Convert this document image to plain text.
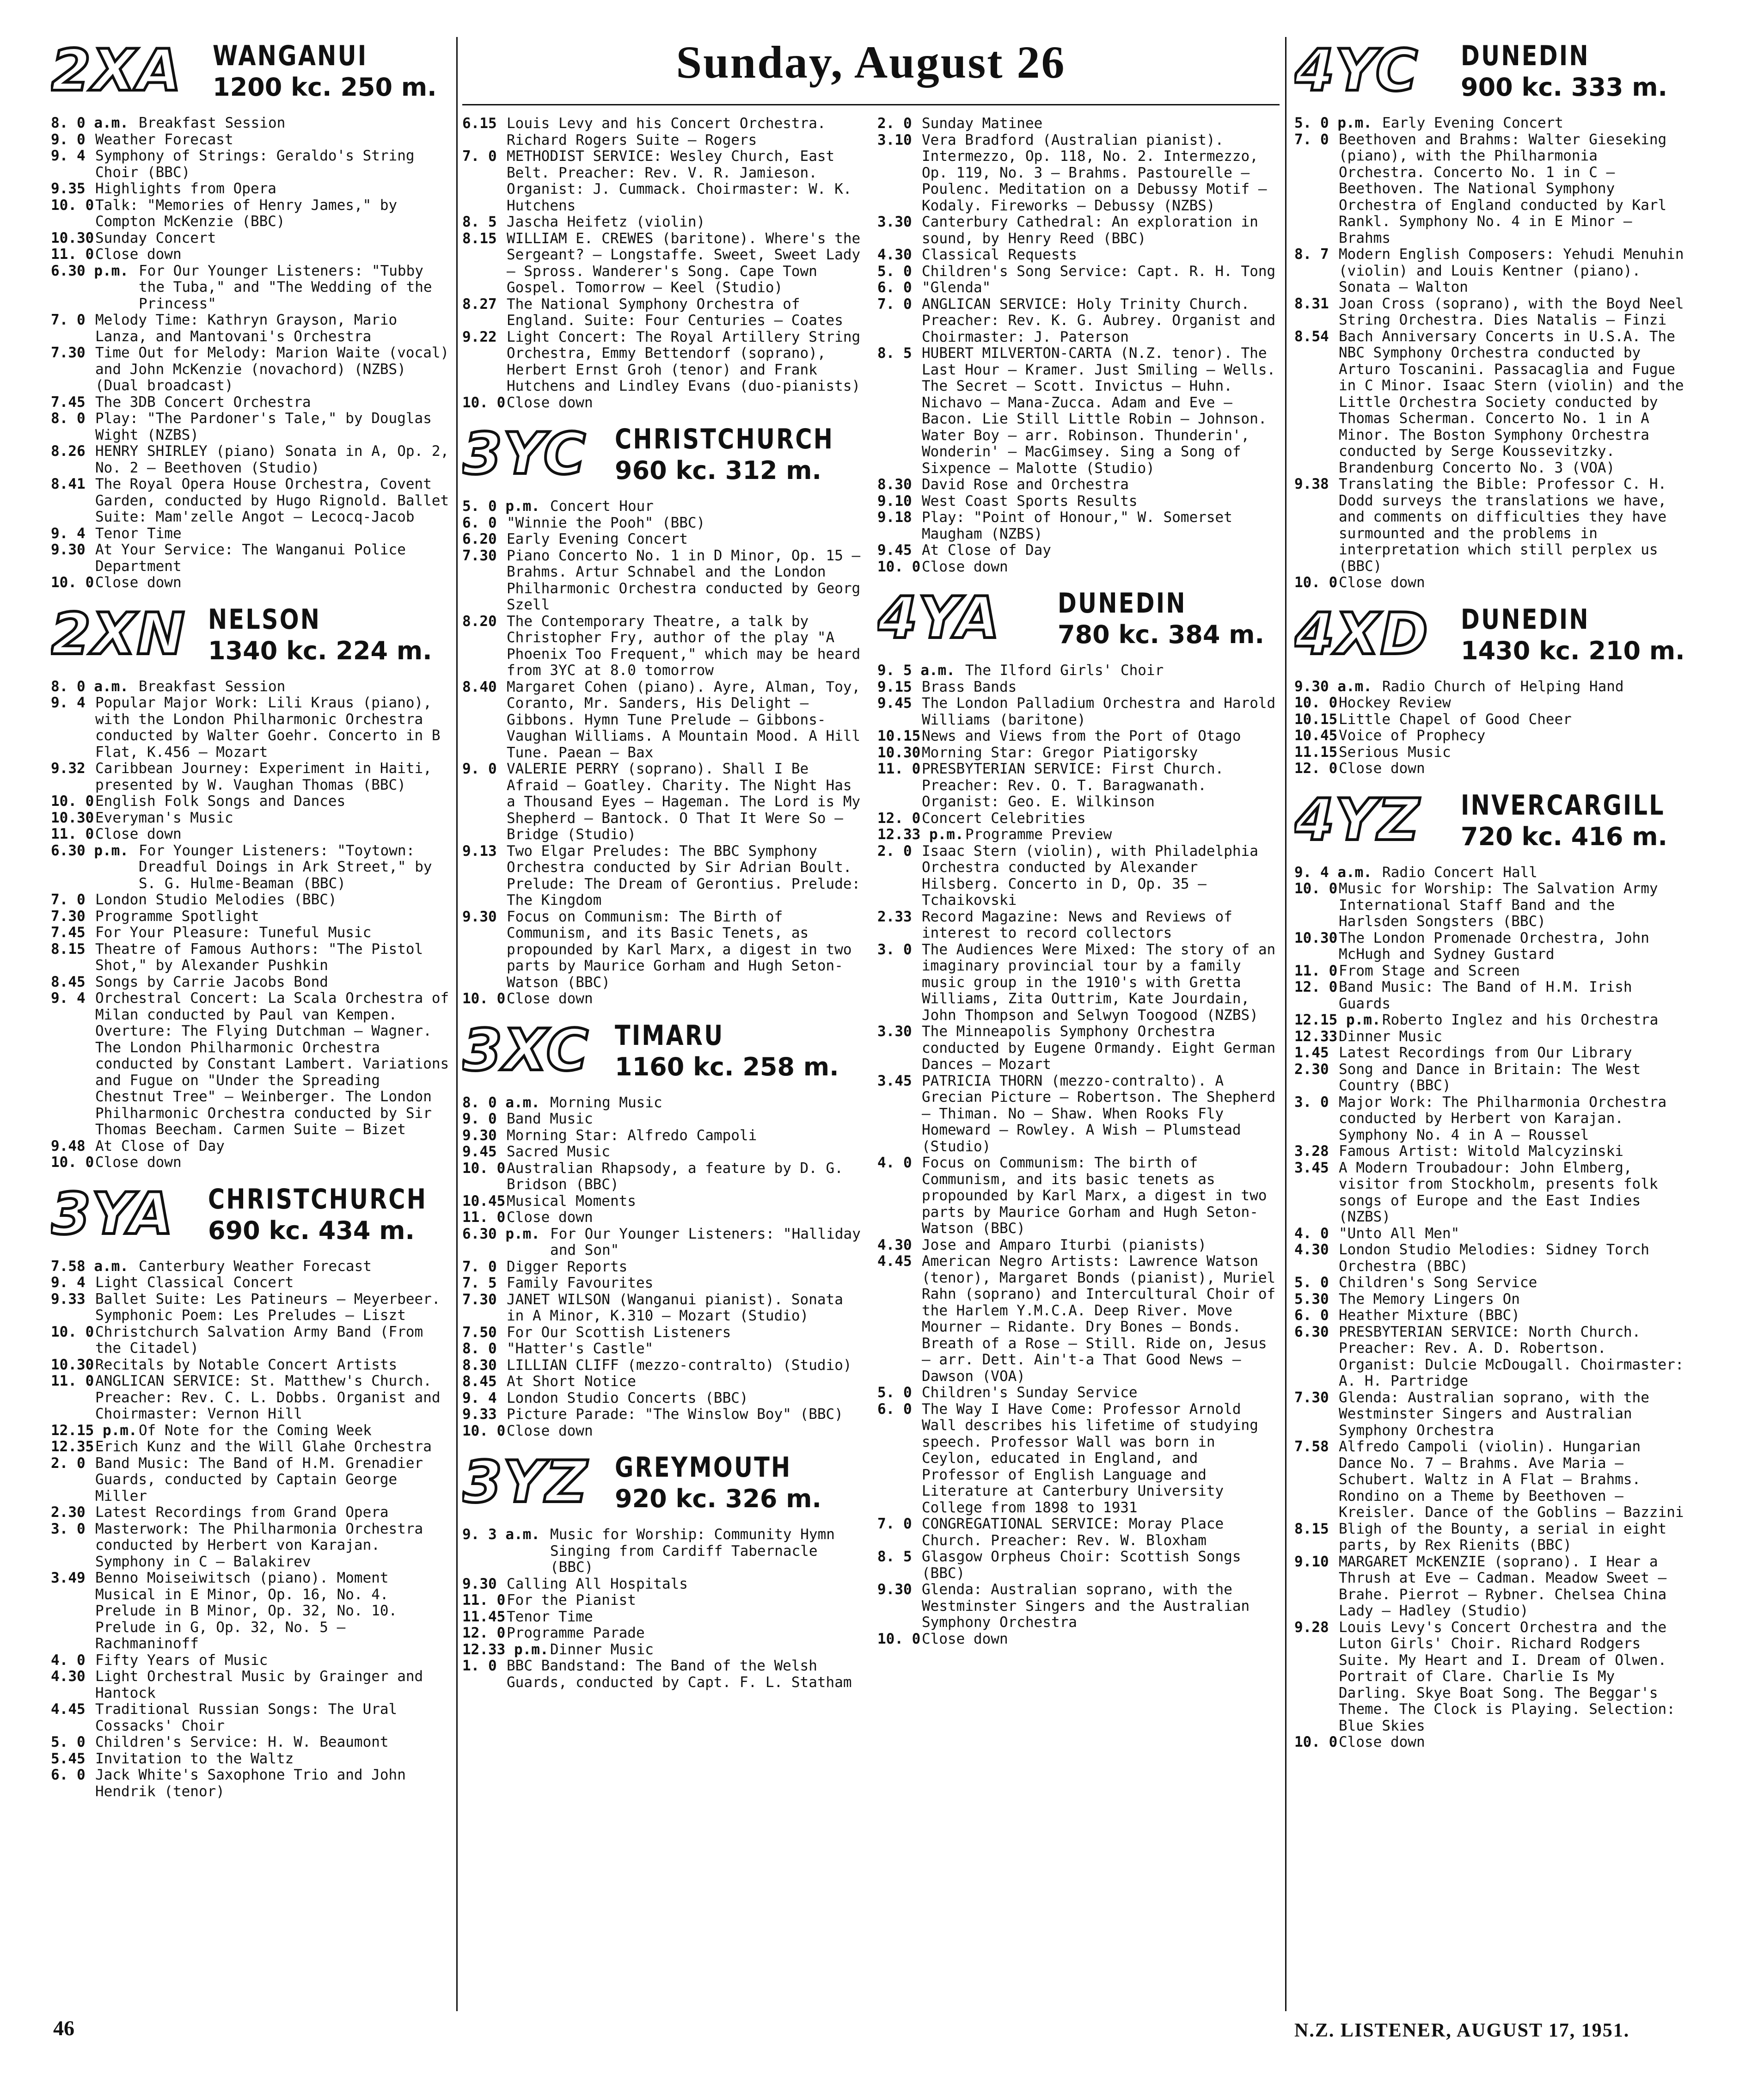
Sunday, August 26
2XA WANGANUI
1200 kc. 250 m.
8. 0 a.m. Breakfast Session
9. 0 Weather Forecast
9. 4 Symphony of Strings: Geraldo's String Choir (BBC)
9.35 Highlights from Opera
10. 0 Talk: "Memories of Henry James," by Compton McKenzie (BBC)
10.30 Sunday Concert
11. 0 Close down
6.30 p.m. For Our Younger Listeners: "Tubby the Tuba," and "The Wedding of the Princess"
7. 0 Melody Time: Kathryn Grayson, Mario Lanza, and Mantovani's Orchestra
7.30 Time Out for Melody: Marion Waite (vocal) and John McKenzie (novachord) (NZBS) (Dual broadcast)
7.45 The 3DB Concert Orchestra
8. 0 Play: "The Pardoner's Tale," by Douglas Wight (NZBS)
8.26 HENRY SHIRLEY (piano) Sonata in A, Op. 2, No. 2 — Beethoven (Studio)
8.41 The Royal Opera House Orchestra, Covent Garden, conducted by Hugo Rignold. Ballet Suite: Mam'zelle Angot — Lecocq-Jacob
9. 4 Tenor Time
9.30 At Your Service: The Wanganui Police Department
10. 0 Close down
2XN NELSON
1340 kc. 224 m.
8. 0 a.m. Breakfast Session
9. 4 Popular Major Work: Lili Kraus (piano), with the London Philharmonic Orchestra conducted by Walter Goehr. Concerto in B Flat, K.456 — Mozart
9.32 Caribbean Journey: Experiment in Haiti, presented by W. Vaughan Thomas (BBC)
10. 0 English Folk Songs and Dances
10.30 Everyman's Music
11. 0 Close down
6.30 p.m. For Younger Listeners: "Toytown: Dreadful Doings in Ark Street," by S. G. Hulme-Beaman (BBC)
7. 0 London Studio Melodies (BBC)
7.30 Programme Spotlight
7.45 For Your Pleasure: Tuneful Music
8.15 Theatre of Famous Authors: "The Pistol Shot," by Alexander Pushkin
8.45 Songs by Carrie Jacobs Bond
9. 4 Orchestral Concert: La Scala Orchestra of Milan conducted by Paul van Kempen. Overture: The Flying Dutchman — Wagner. The London Philharmonic Orchestra conducted by Constant Lambert. Variations and Fugue on "Under the Spreading Chestnut Tree" — Weinberger. The London Philharmonic Orchestra conducted by Sir Thomas Beecham. Carmen Suite — Bizet
9.48 At Close of Day
10. 0 Close down
3YA CHRISTCHURCH
690 kc. 434 m.
7.58 a.m. Canterbury Weather Forecast
9. 4 Light Classical Concert
9.33 Ballet Suite: Les Patineurs — Meyerbeer. Symphonic Poem: Les Preludes — Liszt
10. 0 Christchurch Salvation Army Band (From the Citadel)
10.30 Recitals by Notable Concert Artists
11. 0 ANGLICAN SERVICE: St. Matthew's Church. Preacher: Rev. C. L. Dobbs. Organist and Choirmaster: Vernon Hill
12.15 p.m. Of Note for the Coming Week
12.35 Erich Kunz and the Will Glahe Orchestra
2. 0 Band Music: The Band of H.M. Grenadier Guards, conducted by Captain George Miller
2.30 Latest Recordings from Grand Opera
3. 0 Masterwork: The Philharmonia Orchestra conducted by Herbert von Karajan. Symphony in C — Balakirev
3.49 Benno Moiseiwitsch (piano). Moment Musical in E Minor, Op. 16, No. 4. Prelude in B Minor, Op. 32, No. 10. Prelude in G, Op. 32, No. 5 — Rachmaninoff
4. 0 Fifty Years of Music
4.30 Light Orchestral Music by Grainger and Hantock
4.45 Traditional Russian Songs: The Ural Cossacks' Choir
5. 0 Children's Service: H. W. Beaumont
5.45 Invitation to the Waltz
6. 0 Jack White's Saxophone Trio and John Hendrik (tenor)
6.15 Louis Levy and his Concert Orchestra. Richard Rogers Suite — Rogers
7. 0 METHODIST SERVICE: Wesley Church, East Belt. Preacher: Rev. V. R. Jamieson. Organist: J. Cummack. Choirmaster: W. K. Hutchens
8. 5 Jascha Heifetz (violin)
8.15 WILLIAM E. CREWES (baritone). Where's the Sergeant? — Longstaffe. Sweet, Sweet Lady — Spross. Wanderer's Song. Cape Town Gospel. Tomorrow — Keel (Studio)
8.27 The National Symphony Orchestra of England. Suite: Four Centuries — Coates
9.22 Light Concert: The Royal Artillery String Orchestra, Emmy Bettendorf (soprano), Herbert Ernst Groh (tenor) and Frank Hutchens and Lindley Evans (duo-pianists)
10. 0 Close down
3YC CHRISTCHURCH
960 kc. 312 m.
5. 0 p.m. Concert Hour
6. 0 "Winnie the Pooh" (BBC)
6.20 Early Evening Concert
7.30 Piano Concerto No. 1 in D Minor, Op. 15 — Brahms. Artur Schnabel and the London Philharmonic Orchestra conducted by Georg Szell
8.20 The Contemporary Theatre, a talk by Christopher Fry, author of the play "A Phoenix Too Frequent," which may be heard from 3YC at 8.0 tomorrow
8.40 Margaret Cohen (piano). Ayre, Alman, Toy, Coranto, Mr. Sanders, His Delight — Gibbons. Hymn Tune Prelude — Gibbons-Vaughan Williams. A Mountain Mood. A Hill Tune. Paean — Bax
9. 0 VALERIE PERRY (soprano). Shall I Be Afraid — Goatley. Charity. The Night Has a Thousand Eyes — Hageman. The Lord is My Shepherd — Bantock. O That It Were So — Bridge (Studio)
9.13 Two Elgar Preludes: The BBC Symphony Orchestra conducted by Sir Adrian Boult. Prelude: The Dream of Gerontius. Prelude: The Kingdom
9.30 Focus on Communism: The Birth of Communism, and its Basic Tenets, as propounded by Karl Marx, a digest in two parts by Maurice Gorham and Hugh Seton-Watson (BBC)
10. 0 Close down
3XC TIMARU
1160 kc. 258 m.
8. 0 a.m. Morning Music
9. 0 Band Music
9.30 Morning Star: Alfredo Campoli
9.45 Sacred Music
10. 0 Australian Rhapsody, a feature by D. G. Bridson (BBC)
10.45 Musical Moments
11. 0 Close down
6.30 p.m. For Our Younger Listeners: "Halliday and Son"
7. 0 Digger Reports
7. 5 Family Favourites
7.30 JANET WILSON (Wanganui pianist). Sonata in A Minor, K.310 — Mozart (Studio)
7.50 For Our Scottish Listeners
8. 0 "Hatter's Castle"
8.30 LILLIAN CLIFF (mezzo-contralto) (Studio)
8.45 At Short Notice
9. 4 London Studio Concerts (BBC)
9.33 Picture Parade: "The Winslow Boy" (BBC)
10. 0 Close down
3YZ GREYMOUTH
920 kc. 326 m.
9. 3 a.m. Music for Worship: Community Hymn Singing from Cardiff Tabernacle (BBC)
9.30 Calling All Hospitals
11. 0 For the Pianist
11.45 Tenor Time
12. 0 Programme Parade
12.33 p.m. Dinner Music
1. 0 BBC Bandstand: The Band of the Welsh Guards, conducted by Capt. F. L. Statham
2. 0 Sunday Matinee
3.10 Vera Bradford (Australian pianist). Intermezzo, Op. 118, No. 2. Intermezzo, Op. 119, No. 3 — Brahms. Pastourelle — Poulenc. Meditation on a Debussy Motif — Kodaly. Fireworks — Debussy (NZBS)
3.30 Canterbury Cathedral: An exploration in sound, by Henry Reed (BBC)
4.30 Classical Requests
5. 0 Children's Song Service: Capt. R. H. Tong
6. 0 "Glenda"
7. 0 ANGLICAN SERVICE: Holy Trinity Church. Preacher: Rev. K. G. Aubrey. Organist and Choirmaster: J. Paterson
8. 5 HUBERT MILVERTON-CARTA (N.Z. tenor). The Last Hour — Kramer. Just Smiling — Wells. The Secret — Scott. Invictus — Huhn. Nichavo — Mana-Zucca. Adam and Eve — Bacon. Lie Still Little Robin — Johnson. Water Boy — arr. Robinson. Thunderin', Wonderin' — MacGimsey. Sing a Song of Sixpence — Malotte (Studio)
8.30 David Rose and Orchestra
9.10 West Coast Sports Results
9.18 Play: "Point of Honour," W. Somerset Maugham (NZBS)
9.45 At Close of Day
10. 0 Close down
4YA DUNEDIN
780 kc. 384 m.
9. 5 a.m. The Ilford Girls' Choir
9.15 Brass Bands
9.45 The London Palladium Orchestra and Harold Williams (baritone)
10.15 News and Views from the Port of Otago
10.30 Morning Star: Gregor Piatigorsky
11. 0 PRESBYTERIAN SERVICE: First Church. Preacher: Rev. O. T. Baragwanath. Organist: Geo. E. Wilkinson
12. 0 Concert Celebrities
12.33 p.m. Programme Preview
2. 0 Isaac Stern (violin), with Philadelphia Orchestra conducted by Alexander Hilsberg. Concerto in D, Op. 35 — Tchaikovski
2.33 Record Magazine: News and Reviews of interest to record collectors
3. 0 The Audiences Were Mixed: The story of an imaginary provincial tour by a family music group in the 1910's with Gretta Williams, Zita Outtrim, Kate Jourdain, John Thompson and Selwyn Toogood (NZBS)
3.30 The Minneapolis Symphony Orchestra conducted by Eugene Ormandy. Eight German Dances — Mozart
3.45 PATRICIA THORN (mezzo-contralto). A Grecian Picture — Robertson. The Shepherd — Thiman. No — Shaw. When Rooks Fly Homeward — Rowley. A Wish — Plumstead (Studio)
4. 0 Focus on Communism: The birth of Communism, and its basic tenets as propounded by Karl Marx, a digest in two parts by Maurice Gorham and Hugh Seton-Watson (BBC)
4.30 Jose and Amparo Iturbi (pianists)
4.45 American Negro Artists: Lawrence Watson (tenor), Margaret Bonds (pianist), Muriel Rahn (soprano) and Intercultural Choir of the Harlem Y.M.C.A. Deep River. Move Mourner — Ridante. Dry Bones — Bonds. Breath of a Rose — Still. Ride on, Jesus — arr. Dett. Ain't-a That Good News — Dawson (VOA)
5. 0 Children's Sunday Service
6. 0 The Way I Have Come: Professor Arnold Wall describes his lifetime of studying speech. Professor Wall was born in Ceylon, educated in England, and Professor of English Language and Literature at Canterbury University College from 1898 to 1931
7. 0 CONGREGATIONAL SERVICE: Moray Place Church. Preacher: Rev. W. Bloxham
8. 5 Glasgow Orpheus Choir: Scottish Songs (BBC)
9.30 Glenda: Australian soprano, with the Westminster Singers and the Australian Symphony Orchestra
10. 0 Close down
4YC DUNEDIN
900 kc. 333 m.
5. 0 p.m. Early Evening Concert
7. 0 Beethoven and Brahms: Walter Gieseking (piano), with the Philharmonia Orchestra. Concerto No. 1 in C — Beethoven. The National Symphony Orchestra of England conducted by Karl Rankl. Symphony No. 4 in E Minor — Brahms
8. 7 Modern English Composers: Yehudi Menuhin (violin) and Louis Kentner (piano). Sonata — Walton
8.31 Joan Cross (soprano), with the Boyd Neel String Orchestra. Dies Natalis — Finzi
8.54 Bach Anniversary Concerts in U.S.A. The NBC Symphony Orchestra conducted by Arturo Toscanini. Passacaglia and Fugue in C Minor. Isaac Stern (violin) and the Little Orchestra Society conducted by Thomas Scherman. Concerto No. 1 in A Minor. The Boston Symphony Orchestra conducted by Serge Koussevitzky. Brandenburg Concerto No. 3 (VOA)
9.38 Translating the Bible: Professor C. H. Dodd surveys the translations we have, and comments on difficulties they have surmounted and the problems in interpretation which still perplex us (BBC)
10. 0 Close down
4XD DUNEDIN
1430 kc. 210 m.
9.30 a.m. Radio Church of Helping Hand
10. 0 Hockey Review
10.15 Little Chapel of Good Cheer
10.45 Voice of Prophecy
11.15 Serious Music
12. 0 Close down
4YZ INVERCARGILL
720 kc. 416 m.
9. 4 a.m. Radio Concert Hall
10. 0 Music for Worship: The Salvation Army International Staff Band and the Harlsden Songsters (BBC)
10.30 The London Promenade Orchestra, John McHugh and Sydney Gustard
11. 0 From Stage and Screen
12. 0 Band Music: The Band of H.M. Irish Guards
12.15 p.m. Roberto Inglez and his Orchestra
12.33 Dinner Music
1.45 Latest Recordings from Our Library
2.30 Song and Dance in Britain: The West Country (BBC)
3. 0 Major Work: The Philharmonia Orchestra conducted by Herbert von Karajan. Symphony No. 4 in A — Roussel
3.28 Famous Artist: Witold Malcyzinski
3.45 A Modern Troubadour: John Elmberg, visitor from Stockholm, presents folk songs of Europe and the East Indies (NZBS)
4. 0 "Unto All Men"
4.30 London Studio Melodies: Sidney Torch Orchestra (BBC)
5. 0 Children's Song Service
5.30 The Memory Lingers On
6. 0 Heather Mixture (BBC)
6.30 PRESBYTERIAN SERVICE: North Church. Preacher: Rev. A. D. Robertson. Organist: Dulcie McDougall. Choirmaster: A. H. Partridge
7.30 Glenda: Australian soprano, with the Westminster Singers and Australian Symphony Orchestra
7.58 Alfredo Campoli (violin). Hungarian Dance No. 7 — Brahms. Ave Maria — Schubert. Waltz in A Flat — Brahms. Rondino on a Theme by Beethoven — Kreisler. Dance of the Goblins — Bazzini
8.15 Bligh of the Bounty, a serial in eight parts, by Rex Rienits (BBC)
9.10 MARGARET McKENZIE (soprano). I Hear a Thrush at Eve — Cadman. Meadow Sweet — Brahe. Pierrot — Rybner. Chelsea China Lady — Hadley (Studio)
9.28 Louis Levy's Concert Orchestra and the Luton Girls' Choir. Richard Rodgers Suite. My Heart and I. Dream of Olwen. Portrait of Clare. Charlie Is My Darling. Skye Boat Song. The Beggar's Theme. The Clock is Playing. Selection: Blue Skies
10. 0 Close down
46	N.Z. LISTENER, AUGUST 17, 1951.
